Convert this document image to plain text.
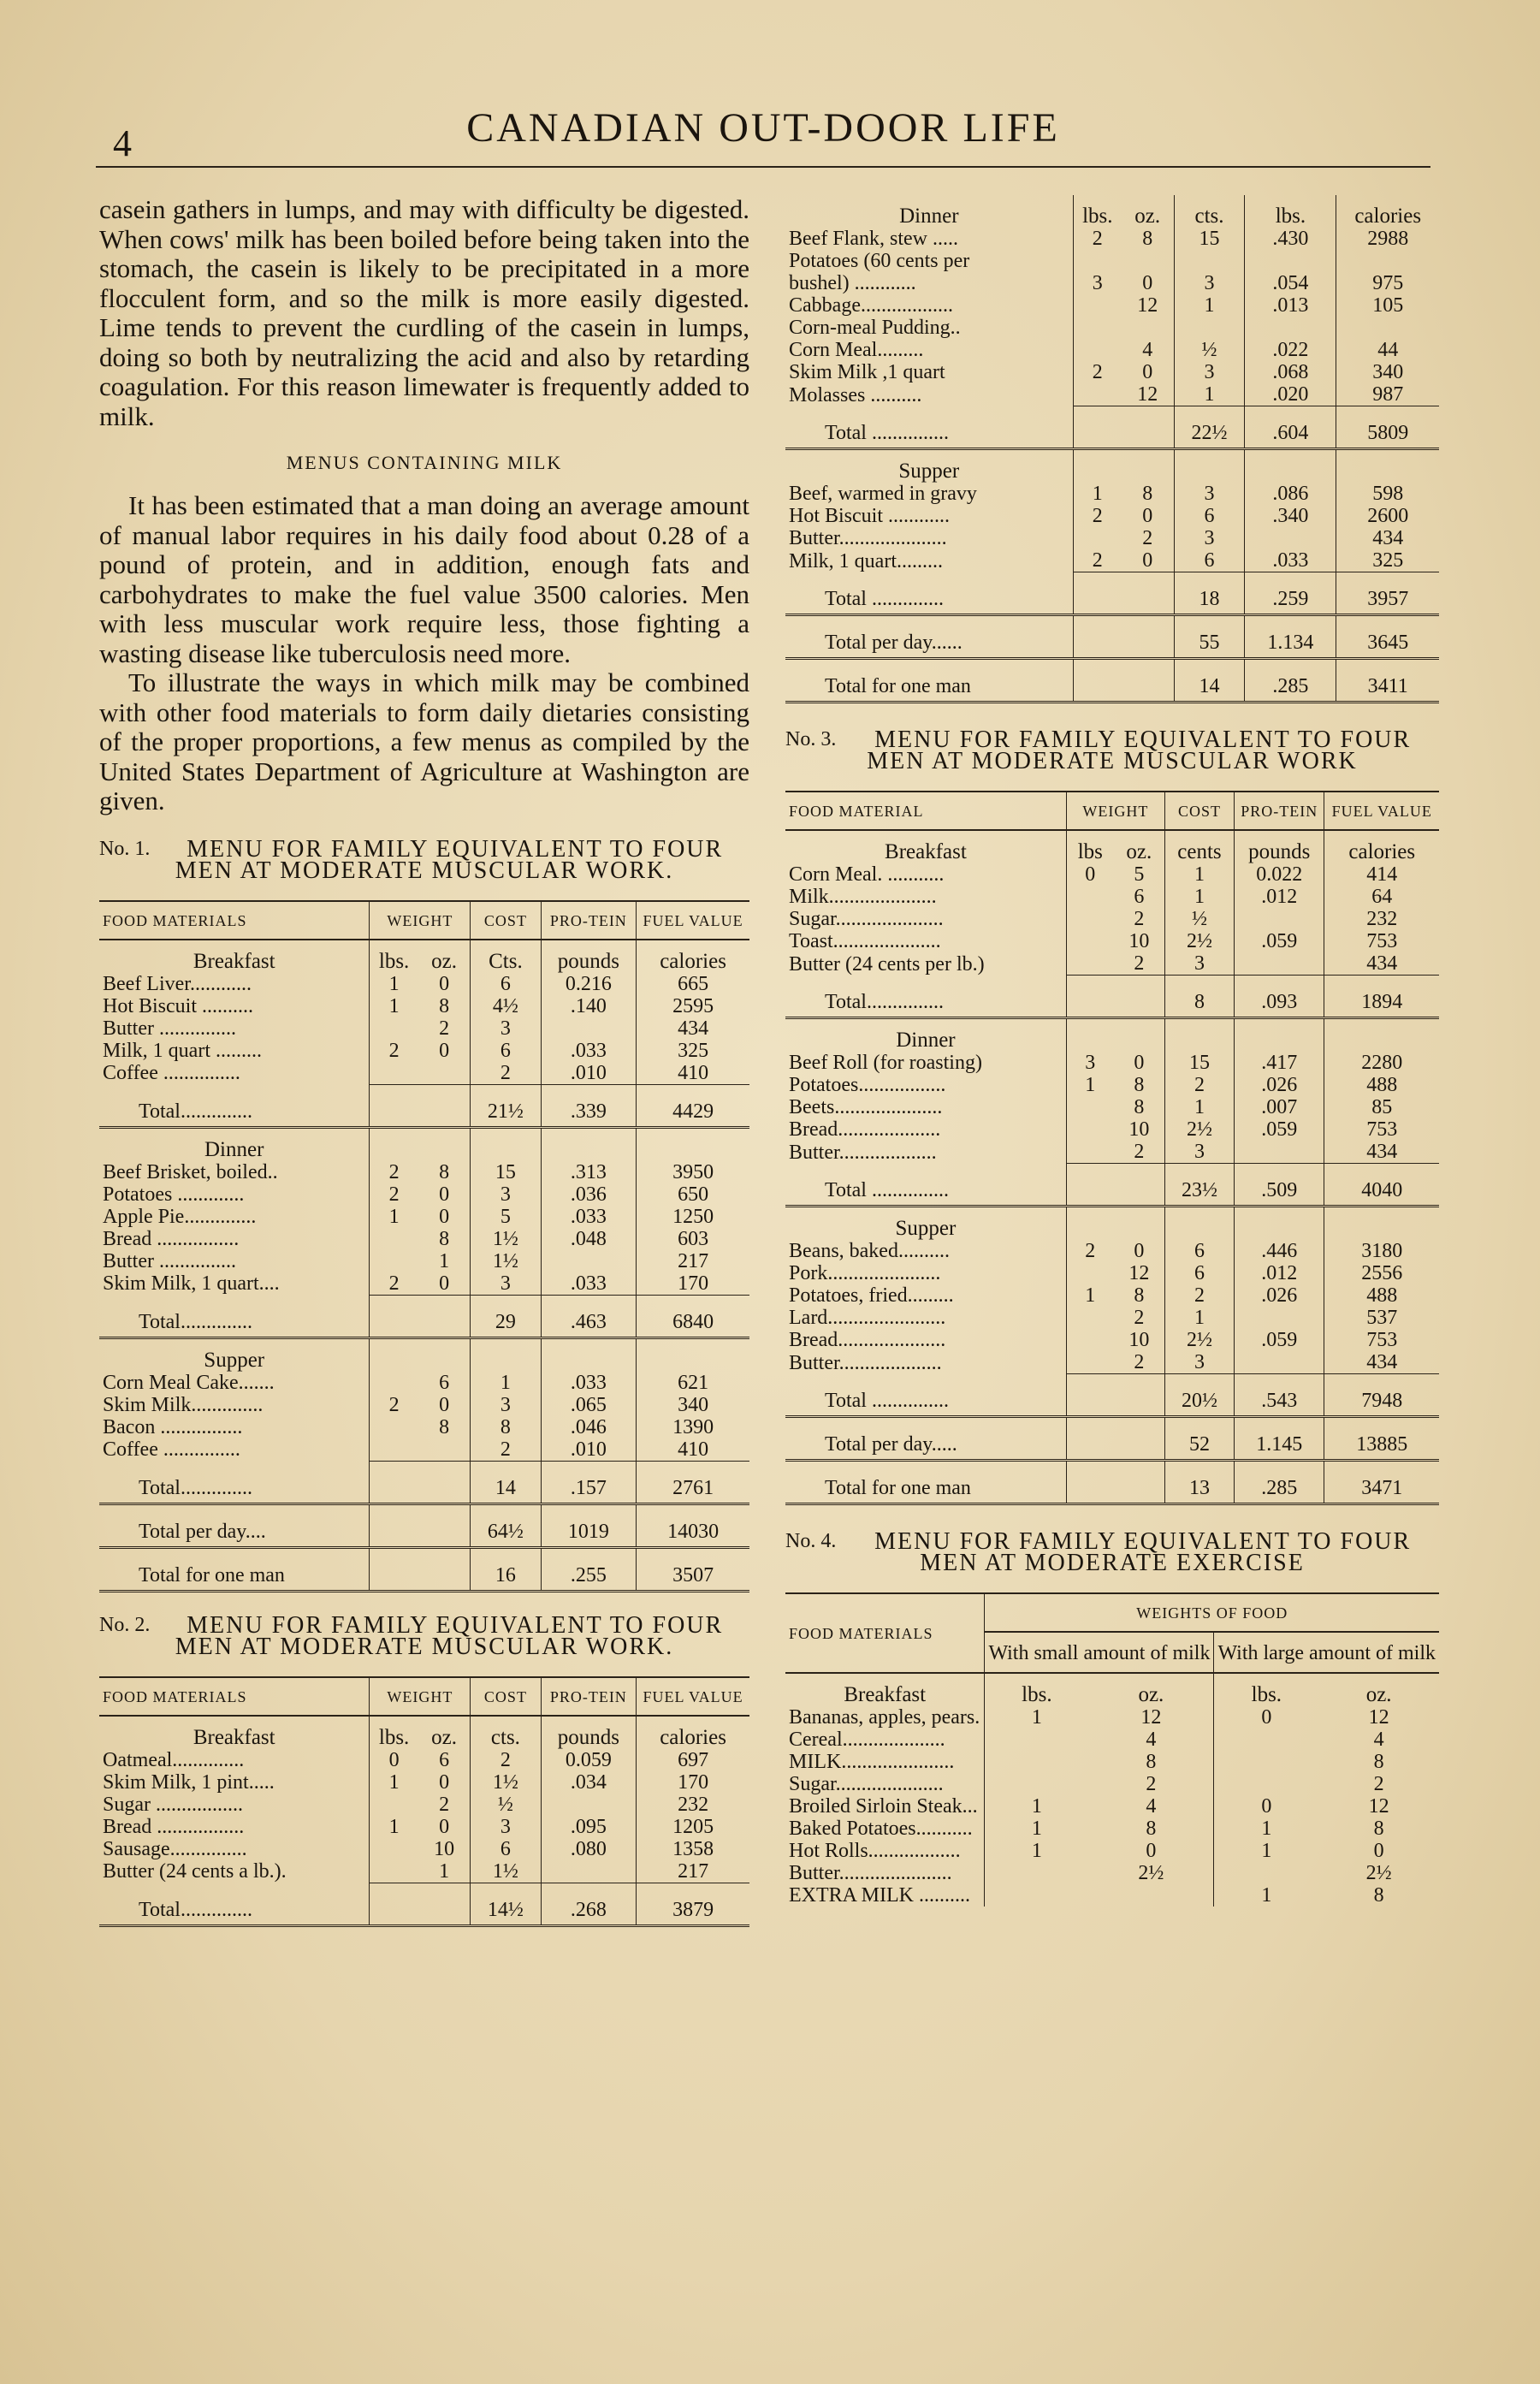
4	CANADIAN OUT-DOOR LIFE

casein gathers in lumps, and may with difficulty be digested. When cows' milk has been boiled before being taken into the stomach, the casein is likely to be precipitated in a more flocculent form, and so the milk is more easily digested. Lime tends to prevent the curdling of the casein in lumps, doing so both by neutralizing the acid and also by retarding coagulation. For this reason limewater is frequently added to milk.

MENUS CONTAINING MILK

It has been estimated that a man doing an average amount of manual labor requires in his daily food about 0.28 of a pound of protein, and in addition, enough fats and carbohydrates to make the fuel value 3500 calories. Men with less muscular work require less, those fighting a wasting disease like tuberculosis need more.

To illustrate the ways in which milk may be combined with other food materials to form daily dietaries consisting of the proper proportions, a few menus as compiled by the United States Department of Agriculture at Washington are given.

No. 1. MENU FOR FAMILY EQUIVALENT TO FOUR MEN AT MODERATE MUSCULAR WORK.
FOOD MATERIALS	WEIGHT		COST	PRO-TEIN	FUEL VALUE
Breakfast	lbs.	oz.	Cts.	pounds	calories
Beef Liver............	1	0	6	0.216	665
Hot Biscuit ..........	1	8	4½	.140	2595
Butter ...............		2	3		434
Milk, 1 quart .........	2	0	6	.033	325
Coffee ...............			2	.010	410
Total..............			21½	.339	4429
Dinner					
Beef Brisket, boiled..	2	8	15	.313	3950
Potatoes .............	2	0	3	.036	650
Apple Pie..............	1	0	5	.033	1250
Bread ................		8	1½	.048	603
Butter ...............		1	1½		217
Skim Milk, 1 quart....	2	0	3	.033	170
Total..............			29	.463	6840
Supper					
Corn Meal Cake.......		6	1	.033	621
Skim Milk..............	2	0	3	.065	340
Bacon ................		8	8	.046	1390
Coffee ...............			2	.010	410
Total..............			14	.157	2761
Total per day....			64½	1019	14030
Total for one man			16	.255	3507
No. 2. MENU FOR FAMILY EQUIVALENT TO FOUR MEN AT MODERATE MUSCULAR WORK.
FOOD MATERIALS	WEIGHT		COST	PRO-TEIN	FUEL VALUE
Breakfast	lbs.	oz.	cts.	pounds	calories
Oatmeal..............	0	6	2	0.059	697
Skim Milk, 1 pint.....	1	0	1½	.034	170
Sugar .................		2	½		232
Bread .................	1	0	3	.095	1205
Sausage...............		10	6	.080	1358
Butter (24 cents a lb.).		1	1½		217
Total..............			14½	.268	3879
Dinner	lbs.	oz.	cts.	lbs.	calories
Beef Flank, stew .....	2	8	15	.430	2988
Potatoes (60 cents per					
bushel) ............	3	0	3	.054	975
Cabbage..................		12	1	.013	105
Corn-meal Pudding..					
Corn Meal.........		4	½	.022	44
Skim Milk ,1 quart	2	0	3	.068	340
Molasses ..........		12	1	.020	987
Total ...............			22½	.604	5809
Supper					
Beef, warmed in gravy	1	8	3	.086	598
Hot Biscuit ............	2	0	6	.340	2600
Butter.....................		2	3		434
Milk, 1 quart.........	2	0	6	.033	325
Total ..............			18	.259	3957
Total per day......			55	1.134	3645
Total for one man			14	.285	3411
No. 3. MENU FOR FAMILY EQUIVALENT TO FOUR MEN AT MODERATE MUSCULAR WORK
FOOD MATERIAL	WEIGHT		COST	PRO-TEIN	FUEL VALUE
Breakfast	lbs	oz.	cents	pounds	calories
Corn Meal. ...........	0	5	1	0.022	414
Milk.....................		6	1	.012	64
Sugar.....................		2	½		232
Toast.....................		10	2½	.059	753
Butter (24 cents per lb.)		2	3		434
Total...............			8	.093	1894
Dinner					
Beef Roll (for roasting)	3	0	15	.417	2280
Potatoes.................	1	8	2	.026	488
Beets.....................		8	1	.007	85
Bread....................		10	2½	.059	753
Butter...................		2	3		434
Total ...............			23½	.509	4040
Supper					
Beans, baked..........	2	0	6	.446	3180
Pork......................		12	6	.012	2556
Potatoes, fried.........	1	8	2	.026	488
Lard.......................		2	1		537
Bread.....................		10	2½	.059	753
Butter....................		2	3		434
Total ...............			20½	.543	7948
Total per day.....			52	1.145	13885
Total for one man			13	.285	3471
No. 4. MENU FOR FAMILY EQUIVALENT TO FOUR MEN AT MODERATE EXERCISE
FOOD MATERIALS	WEIGHTS OF FOOD			
	With small amount of milk		With large amount of milk	
Breakfast	lbs.	oz.	lbs.	oz.
Bananas, apples, pears.	1	12	0	12
Cereal....................		4		4
MILK......................		8		8
Sugar.....................		2		2
Broiled Sirloin Steak...	1	4	0	12
Baked Potatoes...........	1	8	1	8
Hot Rolls..................	1	0	1	0
Butter......................		2½		2½
EXTRA MILK ..........			1	8
